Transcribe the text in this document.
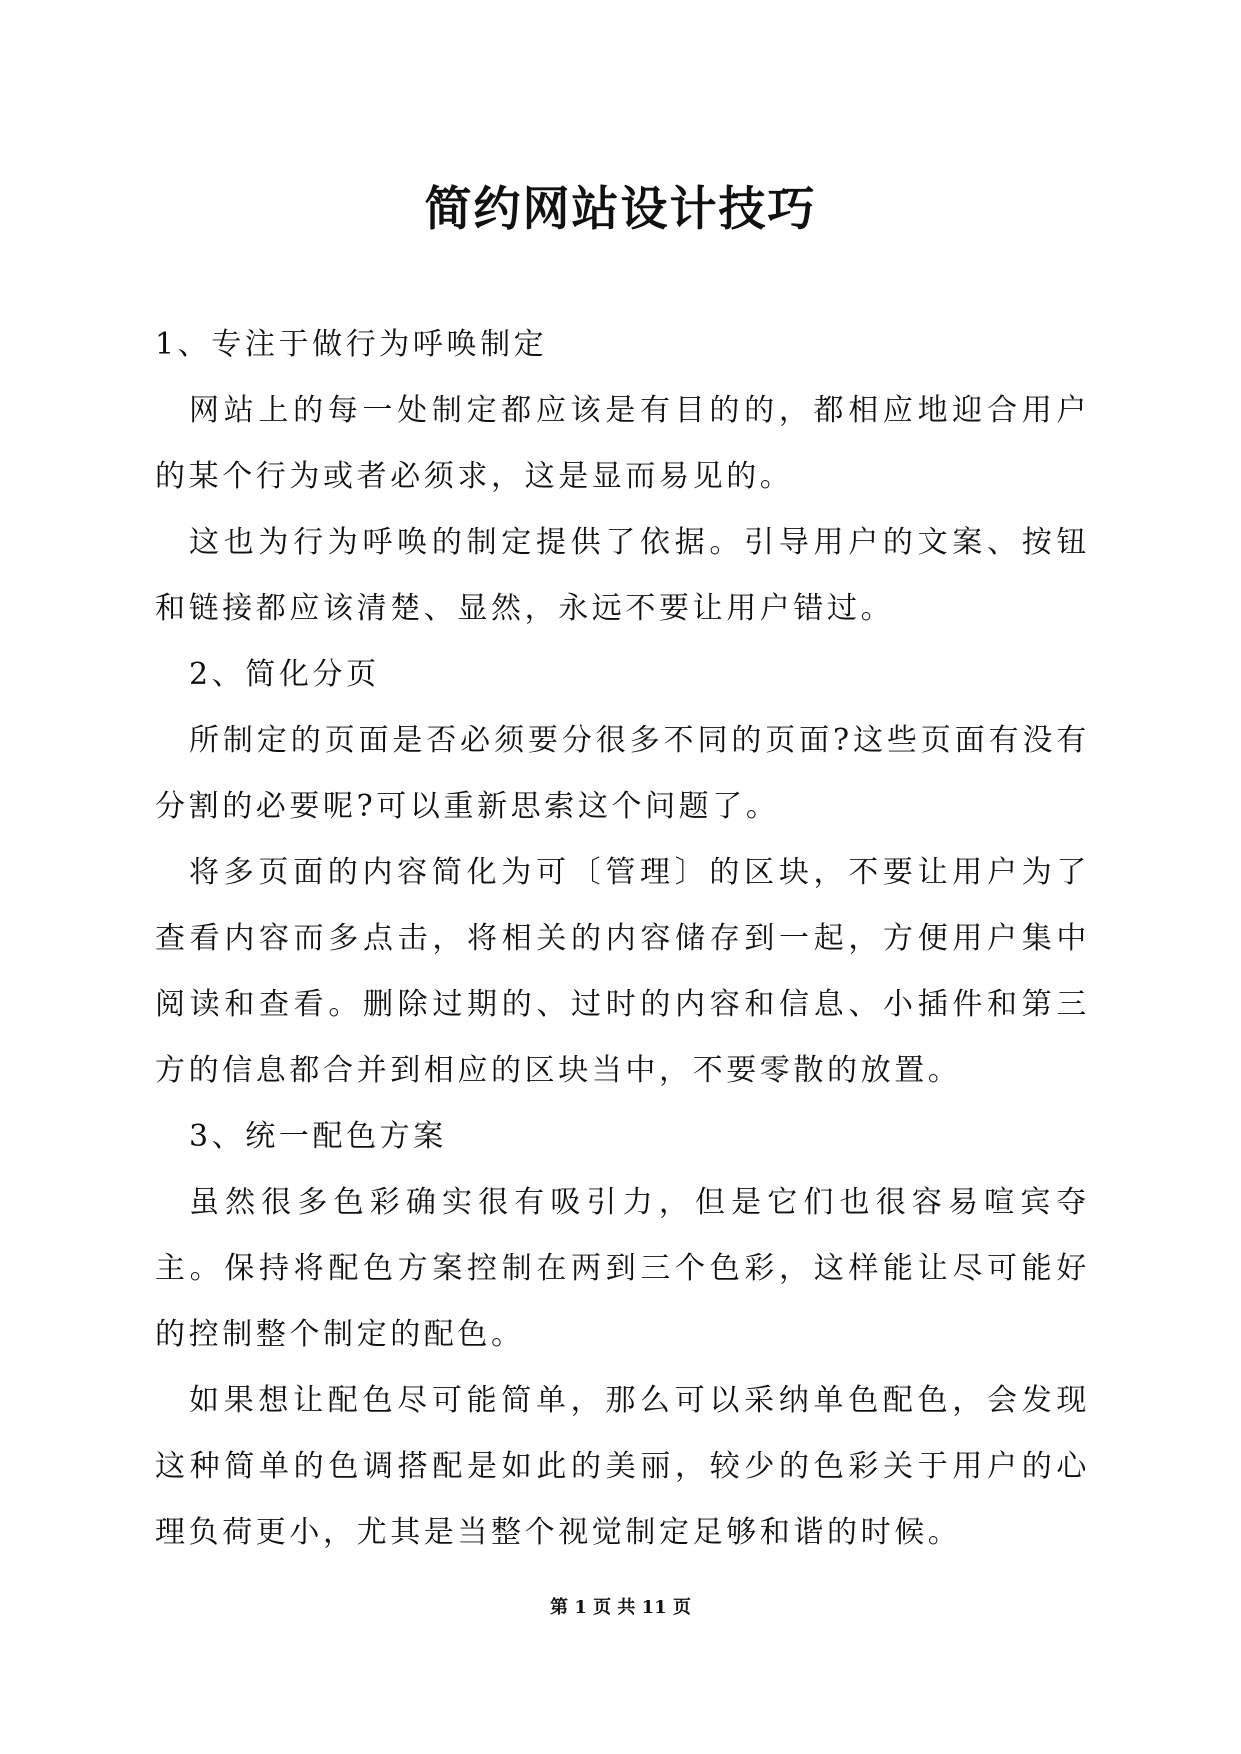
简约网站设计技巧

1、专注于做行为呼唤制定

网站上的每一处制定都应该是有目的的，都相应地迎合用户的某个行为或者必须求，这是显而易见的。

这也为行为呼唤的制定提供了依据。引导用户的文案、按钮和链接都应该清楚、显然，永远不要让用户错过。

2、简化分页

所制定的页面是否必须要分很多不同的页面?这些页面有没有分割的必要呢?可以重新思索这个问题了。

将多页面的内容简化为可〔管理〕的区块，不要让用户为了查看内容而多点击，将相关的内容储存到一起，方便用户集中阅读和查看。删除过期的、过时的内容和信息、小插件和第三方的信息都合并到相应的区块当中，不要零散的放置。

3、统一配色方案

虽然很多色彩确实很有吸引力，但是它们也很容易喧宾夺主。保持将配色方案控制在两到三个色彩，这样能让尽可能好的控制整个制定的配色。

如果想让配色尽可能简单，那么可以采纳单色配色，会发现这种简单的色调搭配是如此的美丽，较少的色彩关于用户的心理负荷更小，尤其是当整个视觉制定足够和谐的时候。

第 1 页 共 11 页
